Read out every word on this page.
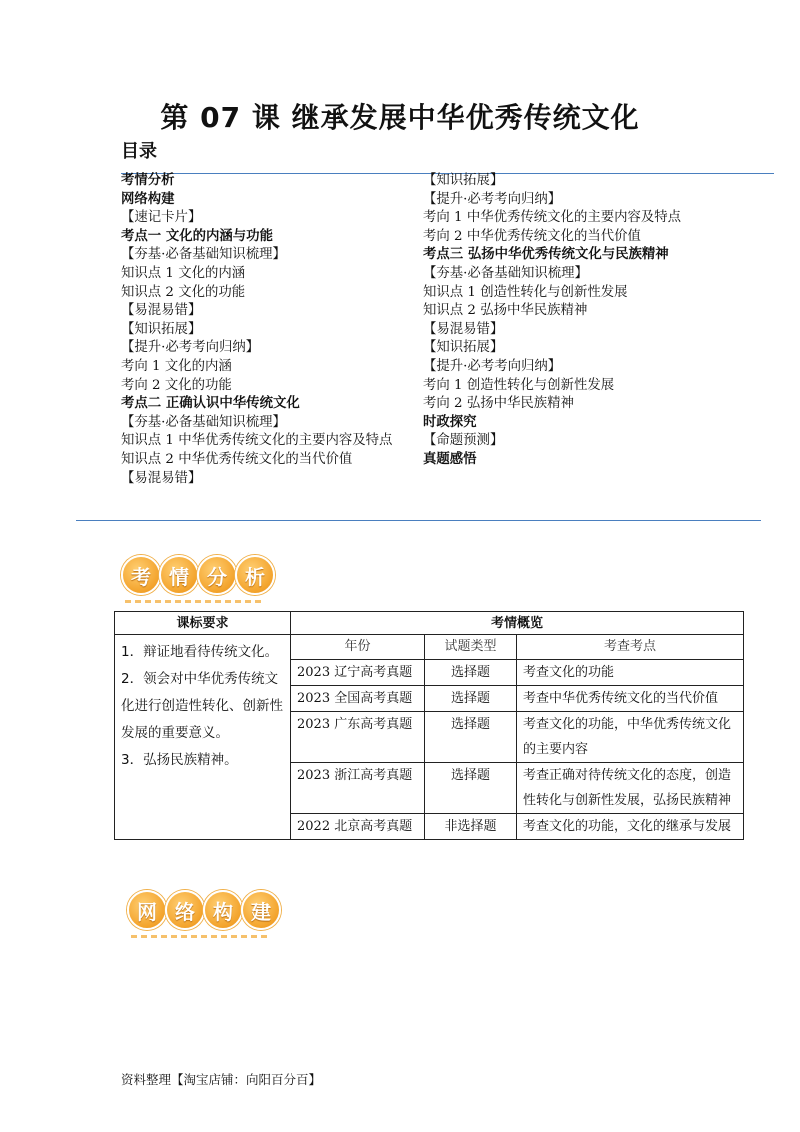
第 07 课 继承发展中华优秀传统文化
目录
考情分析
网络构建
【速记卡片】
考点一 文化的内涵与功能
【夯基·必备基础知识梳理】
知识点 1 文化的内涵
知识点 2 文化的功能
【易混易错】
【知识拓展】
【提升·必考考向归纳】
考向 1 文化的内涵
考向 2 文化的功能
考点二 正确认识中华传统文化
【夯基·必备基础知识梳理】
知识点 1 中华优秀传统文化的主要内容及特点
知识点 2 中华优秀传统文化的当代价值
【易混易错】
【知识拓展】
【提升·必考考向归纳】
考向 1 中华优秀传统文化的主要内容及特点
考向 2 中华优秀传统文化的当代价值
考点三 弘扬中华优秀传统文化与民族精神
【夯基·必备基础知识梳理】
知识点 1 创造性转化与创新性发展
知识点 2 弘扬中华民族精神
【易混易错】
【知识拓展】
【提升·必考考向归纳】
考向 1 创造性转化与创新性发展
考向 2 弘扬中华民族精神
时政探究
【命题预测】
真题感悟
考 情 分 析
课标要求	考情概览		

1．辩证地看待传统文化。
2．领会对中华优秀传统文化进行创造性转化、创新性发展的重要意义。
3．弘扬民族精神。	年份	试题类型	考查考点
	2023 辽宁高考真题	选择题	考查文化的功能
	2023 全国高考真题	选择题	考查中华优秀传统文化的当代价值
	2023 广东高考真题	选择题	考查文化的功能，中华优秀传统文化的主要内容
	2023 浙江高考真题	选择题	考查正确对待传统文化的态度，创造性转化与创新性发展，弘扬民族精神
	2022 北京高考真题	非选择题	考查文化的功能，文化的继承与发展
网 络 构 建
资料整理【淘宝店铺：向阳百分百】
